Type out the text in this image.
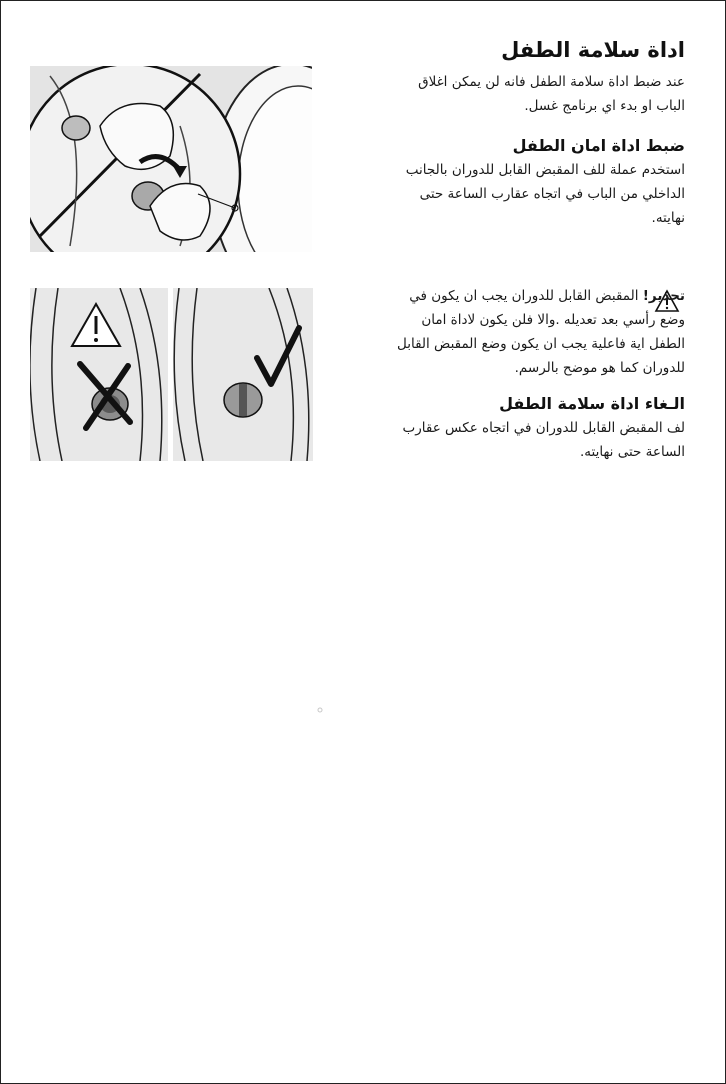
اداة سلامة الطفل

عند ضبط اداة سلامة الطفل فانه لن يمكن اغلاق

الباب او بدء اي برنامج غسل.

ضبط اداة امان الطفل

استخدم عملة للف المقبض القابل للدوران بالجانب

الداخلي من الباب في اتجاه عقارب الساعة حتى

نهايته.

تحذير! المقبض القابل للدوران يجب ان يكون في

وضع رأسي بعد تعديله .والا فلن يكون لاداة امان

الطفل اية فاعلية يجب ان يكون وضع المقبض القابل

للدوران كما هو موضح بالرسم.

الـغاء اداة سلامة الطفل

لف المقبض القابل للدوران في اتجاه عكس عقارب

الساعة حتى نهايته.
